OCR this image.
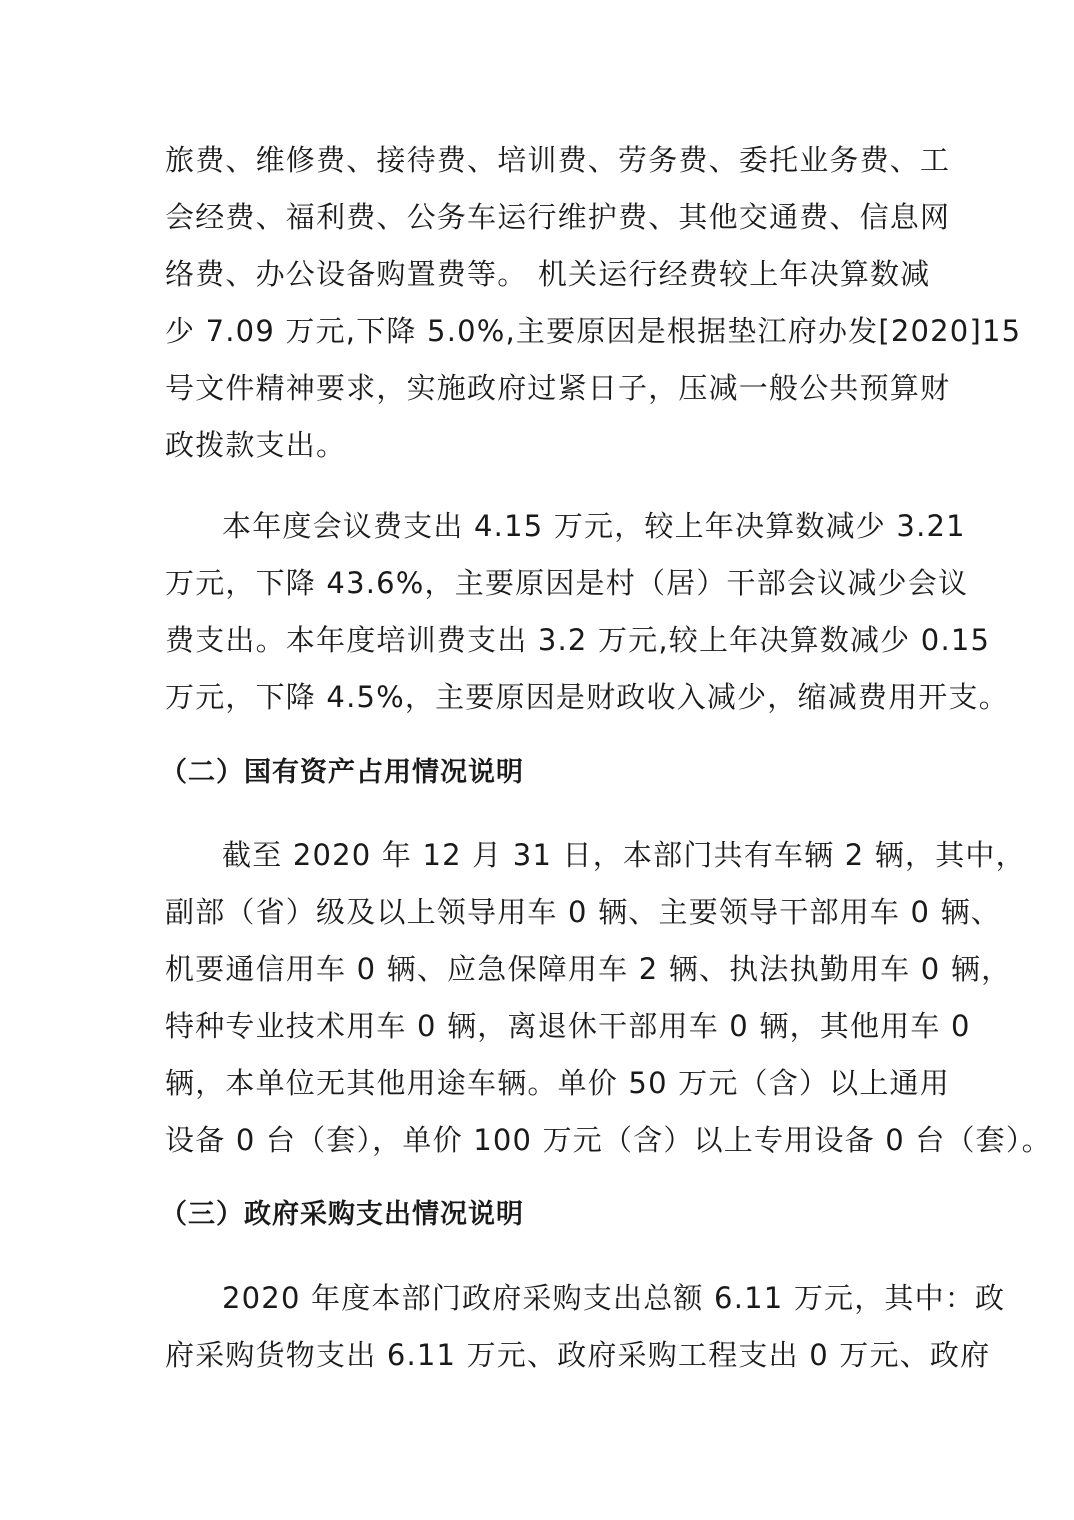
旅费、维修费、接待费、培训费、劳务费、委托业务费、工
会经费、福利费、公务车运行维护费、其他交通费、信息网
络费、办公设备购置费等。 机关运行经费较上年决算数减
少 7.09 万元,下降 5.0%,主要原因是根据垫江府办发[2020]15
号文件精神要求，实施政府过紧日子，压减一般公共预算财
政拨款支出。
本年度会议费支出 4.15 万元，较上年决算数减少 3.21
万元，下降 43.6%，主要原因是村（居）干部会议减少会议
费支出。本年度培训费支出 3.2 万元,较上年决算数减少 0.15
万元，下降 4.5%，主要原因是财政收入减少，缩减费用开支。
（二）国有资产占用情况说明
截至 2020 年 12 月 31 日，本部门共有车辆 2 辆，其中，
副部（省）级及以上领导用车 0 辆、主要领导干部用车 0 辆、
机要通信用车 0 辆、应急保障用车 2 辆、执法执勤用车 0 辆，
特种专业技术用车 0 辆，离退休干部用车 0 辆，其他用车 0
辆，本单位无其他用途车辆。单价 50 万元（含）以上通用
设备 0 台（套），单价 100 万元（含）以上专用设备 0 台（套）。
（三）政府采购支出情况说明
2020 年度本部门政府采购支出总额 6.11 万元，其中：政
府采购货物支出 6.11 万元、政府采购工程支出 0 万元、政府
